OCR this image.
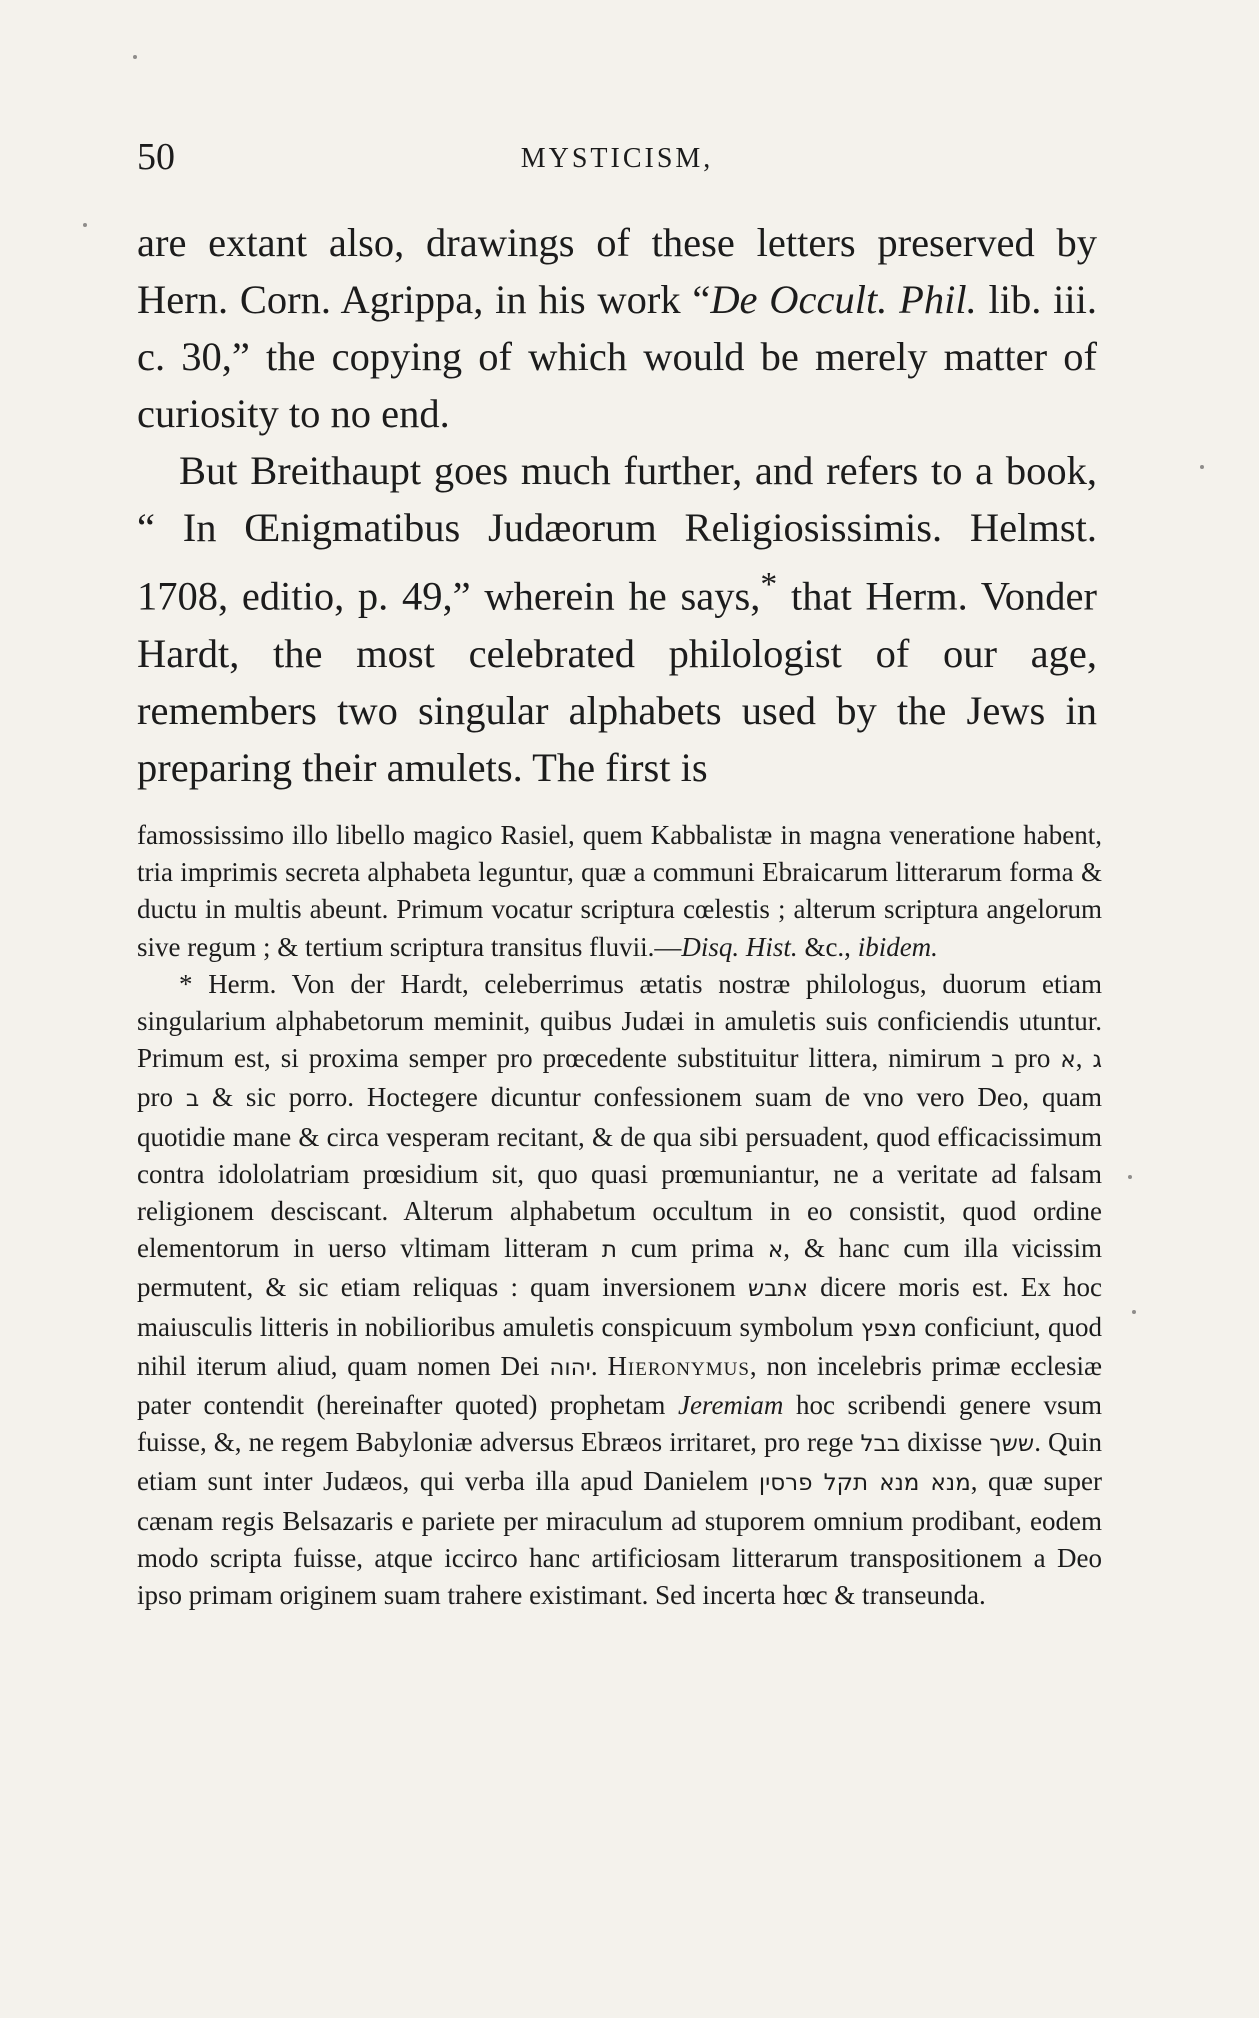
50	MYSTICISM,

are extant also, drawings of these letters preserved by Hern. Corn. Agrippa, in his work “De Occult. Phil. lib. iii. c. 30,” the copying of which would be merely matter of curiosity to no end.

But Breithaupt goes much further, and refers to a book, “ In Œnigmatibus Judæorum Religiosissimis. Helmst. 1708, editio, p. 49,” wherein he says,* that Herm. Vonder Hardt, the most celebrated philologist of our age, remembers two singular alphabets used by the Jews in preparing their amulets. The first is

famossissimo illo libello magico Rasiel, quem Kabbalistæ in magna veneratione habent, tria imprimis secreta alphabeta leguntur, quæ a communi Ebraicarum litterarum forma & ductu in multis abeunt. Primum vocatur scriptura cœlestis ; alterum scriptura angelorum sive regum ; & tertium scriptura transitus fluvii.—Disq. Hist. &c., ibidem.

* Herm. Von der Hardt, celeberrimus ætatis nostræ philologus, duorum etiam singularium alphabetorum meminit, quibus Judæi in amuletis suis conficiendis utuntur. Primum est, si proxima semper pro prœcedente substituitur littera, nimirum ב pro א, ג pro ב & sic porro. Hoctegere dicuntur confessionem suam de vno vero Deo, quam quotidie mane & circa vesperam recitant, & de qua sibi persuadent, quod efficacissimum contra idololatriam prœsidium sit, quo quasi prœmuniantur, ne a veritate ad falsam religionem desciscant. Alterum alphabetum occultum in eo consistit, quod ordine elementorum in uerso vltimam litteram ת cum prima א, & hanc cum illa vicissim permutent, & sic etiam reliquas : quam inversionem אתבש dicere moris est. Ex hoc maiusculis litteris in nobilioribus amuletis conspicuum symbolum מצפץ conficiunt, quod nihil iterum aliud, quam nomen Dei יהוה. Hieronymus, non incelebris primæ ecclesiæ pater contendit (hereinafter quoted) prophetam Jeremiam hoc scribendi genere vsum fuisse, &, ne regem Babyloniæ adversus Ebræos irritaret, pro rege בבל dixisse ששך. Quin etiam sunt inter Judæos, qui verba illa apud Danielem מנא מנא תקל פרסין, quæ super cænam regis Belsazaris e pariete per miraculum ad stuporem omnium prodibant, eodem modo scripta fuisse, atque iccirco hanc artificiosam litterarum transpositionem a Deo ipso primam originem suam trahere existimant. Sed incerta hœc & transeunda.
